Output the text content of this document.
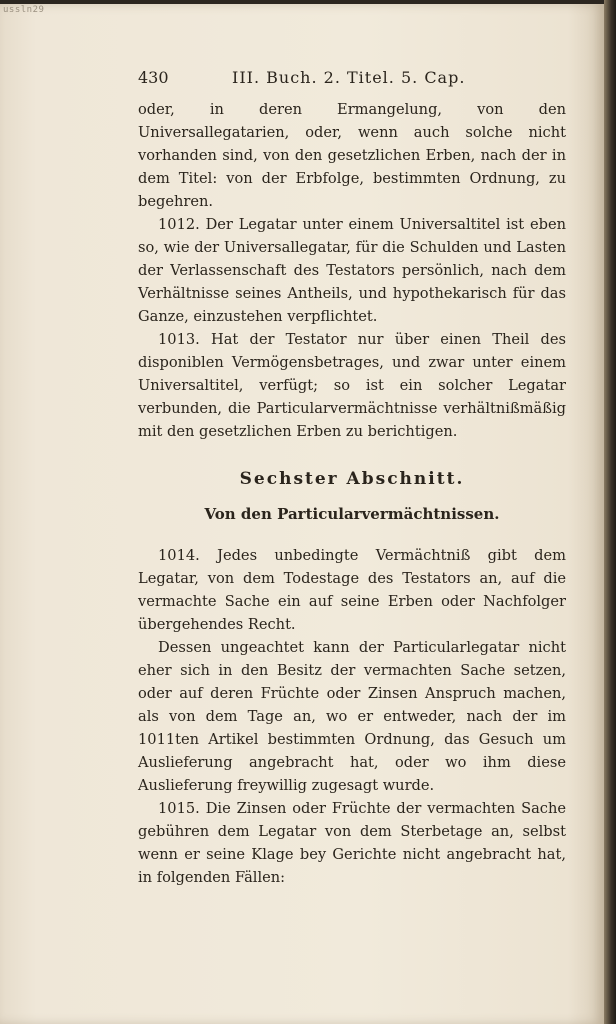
ussln29
430	III. Buch. 2. Titel. 5. Cap.

oder, in deren Ermangelung, von den Universallegatarien, oder, wenn auch solche nicht vorhanden sind, von den gesetzlichen Erben, nach der in dem Titel: von der Erbfolge, bestimmten Ordnung, zu begehren.

1012. Der Legatar unter einem Universaltitel ist eben so, wie der Universallegatar, für die Schulden und Lasten der Verlassenschaft des Testators persönlich, nach dem Verhältnisse seines Antheils, und hypothekarisch für das Ganze, einzustehen verpflichtet.

1013. Hat der Testator nur über einen Theil des disponiblen Vermögensbetrages, und zwar unter einem Universaltitel, verfügt; so ist ein solcher Legatar verbunden, die Particularvermächtnisse verhältnißmäßig mit den gesetzlichen Erben zu berichtigen.

Sechster Abschnitt.
Von den Particularvermächtnissen.

1014. Jedes unbedingte Vermächtniß gibt dem Legatar, von dem Todestage des Testators an, auf die vermachte Sache ein auf seine Erben oder Nachfolger übergehendes Recht.

Dessen ungeachtet kann der Particularlegatar nicht eher sich in den Besitz der vermachten Sache setzen, oder auf deren Früchte oder Zinsen Anspruch machen, als von dem Tage an, wo er entweder, nach der im 1011ten Artikel bestimmten Ordnung, das Gesuch um Auslieferung angebracht hat, oder wo ihm diese Auslieferung freywillig zugesagt wurde.

1015. Die Zinsen oder Früchte der vermachten Sache gebühren dem Legatar von dem Sterbetage an, selbst wenn er seine Klage bey Gerichte nicht angebracht hat, in folgenden Fällen:
